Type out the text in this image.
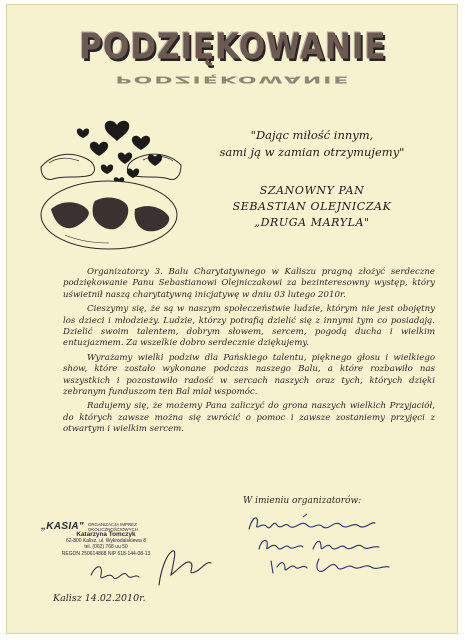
PODZIĘKOWANIE
PODZIĘKOWANIE
"Dając miłość innym,
sami ją w zamian otrzymujemy"
SZANOWNY PAN
SEBASTIAN OLEJNICZAK
„DRUGA MARYLA"

Organizatorzy 3. Balu Charytatywnego w Kaliszu pragną złożyć serdeczne podziękowanie Panu Sebastianowi Olejniczakowi za bezinteresowny występ, który uświetnił naszą charytatywną inicjatywę w dniu 03 lutego 2010r.

Cieszymy się, że są w naszym społeczeństwie ludzie, którym nie jest obojętny los dzieci i młodzieży. Ludzie, którzy potrafią dzielić się z innymi tym co posiadają. Dzielić swoim talentem, dobrym słowem, sercem, pogodą ducha i wielkim entuzjazmem. Za wszelkie dobro serdecznie dziękujemy.

Wyrażamy wielki podziw dla Pańskiego talentu, pięknego głosu i wielkiego show, które zostało wykonane podczas naszego Balu, a które rozbawiło nas wszystkich i pozostawiło radość w sercach naszych oraz tych, których dzięki zebranym funduszom ten Bal miał wspomóc.

Radujemy się, że możemy Pana zaliczyć do grona naszych wielkich Przyjaciół, do których zawsze można się zwrócić o pomoc i zawsze zostaniemy przyjęci z otwartym i wielkim sercem.

W imieniu organizatorów:
„KASIA" ORGANIZACJA IMPREZ
OKOLICZNOŚCIOWYCH
Katarzyna Tomczyk
62-800 Kalisz, ul. Wykrodalskiewa 8
tel. (062) 768 uu 50
REGON 250614868 NIP 618-144-08-13
Kalisz 14.02.2010r.
